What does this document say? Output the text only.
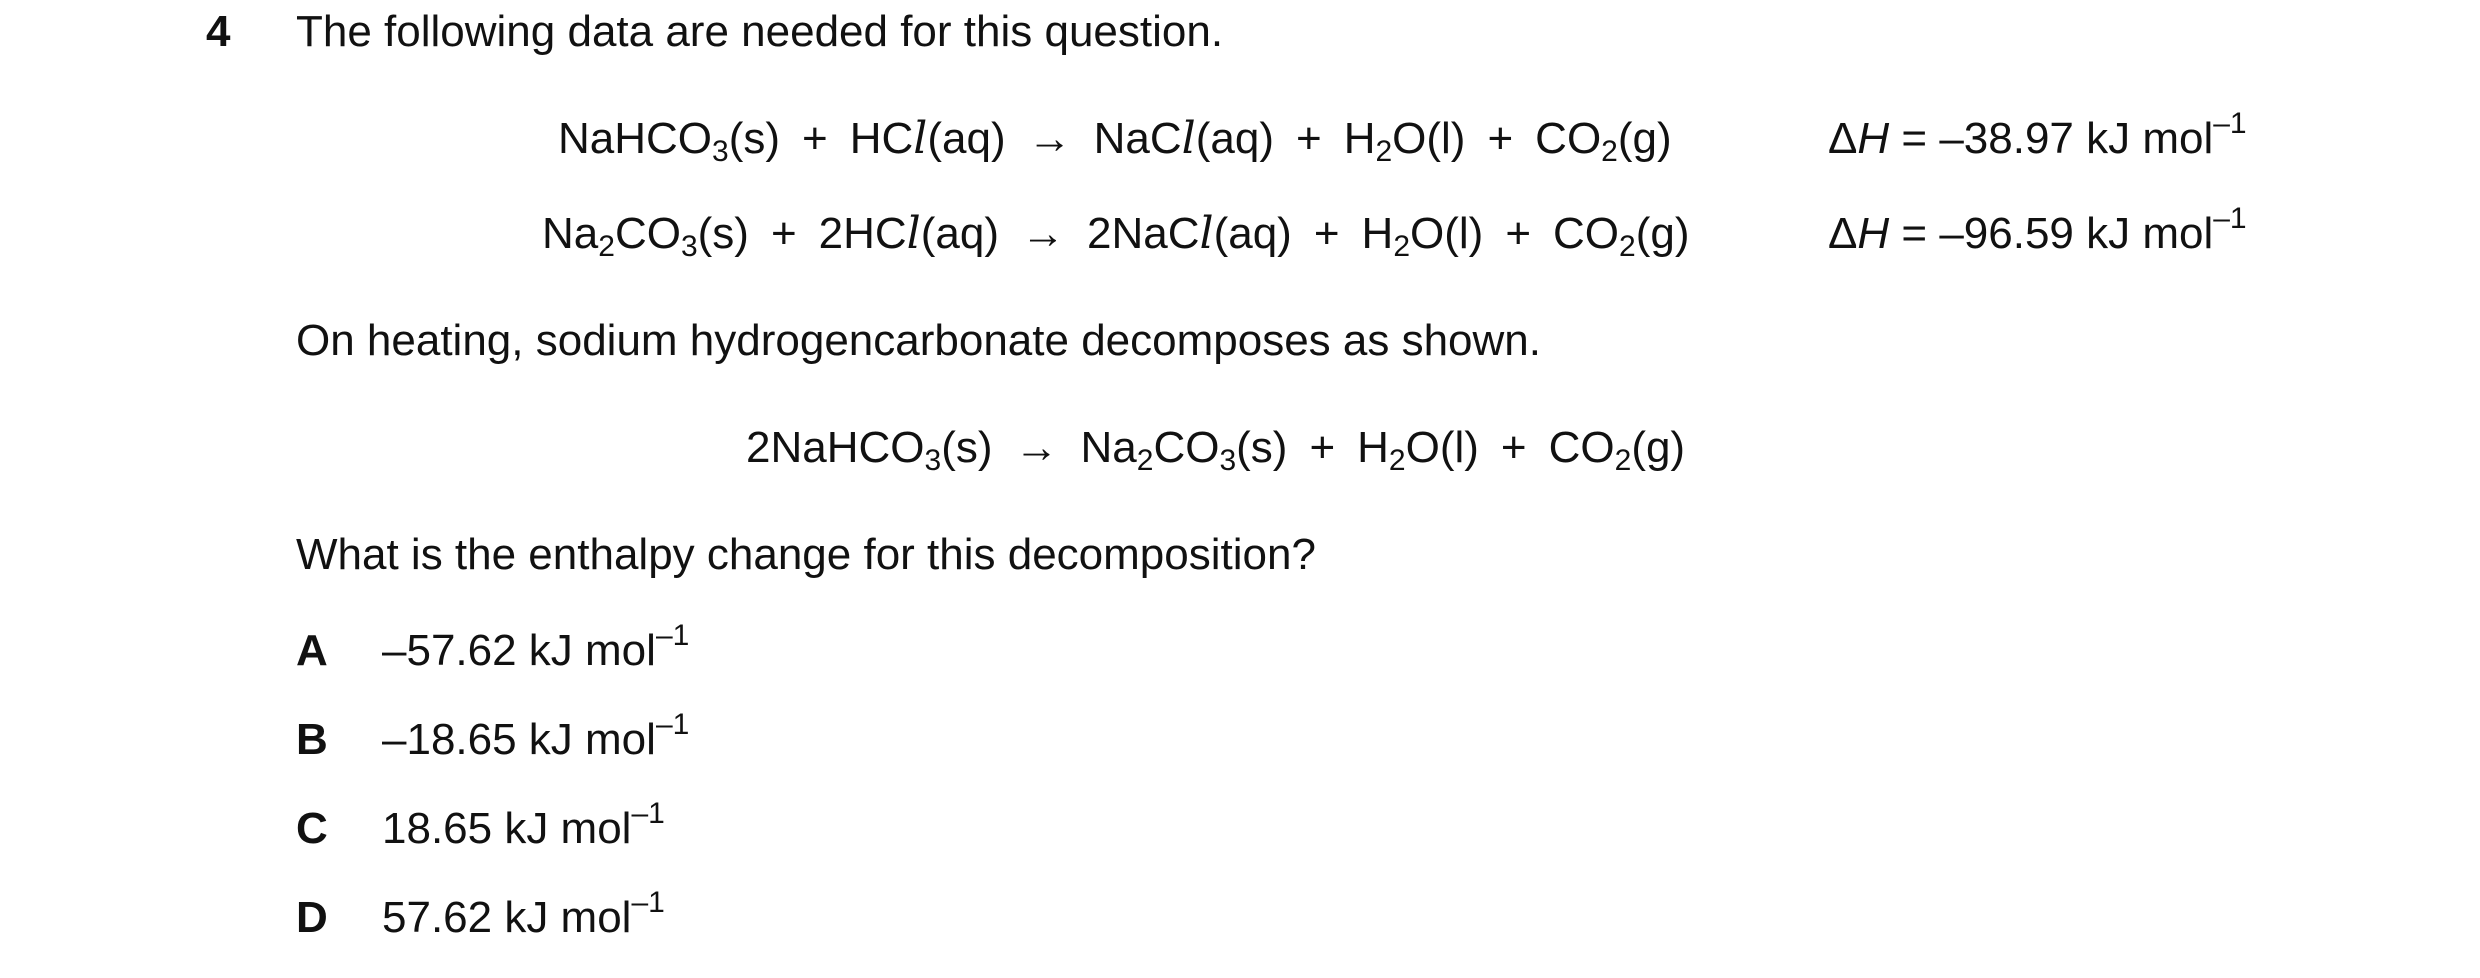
4 The following data are needed for this question.
NaHCO$_3$(s) + HCl(aq) → NaCl(aq) + $H_2O(l) + CO_2(g)$	ΔH = –38.97 kJ mol$^{-1}$
$Na_2CO_3(s) + 2HCl(aq)$ → 2NaCl(aq) + $H_2O(l) + CO_2(g)$	ΔH = –96.59 kJ mol$^{-1}$
On heating, sodium hydrogencarbonate decomposes as shown.
2NaHCO$_3$(s) → $Na_2CO_3(s) + H_2O(l) + CO_2(g)$
What is the enthalpy change for this decomposition?
A –57.62 kJ mol$^{-1}$
B –18.65 kJ mol$^{-1}$
C 18.65 kJ mol$^{-1}$
D 57.62 kJ mol$^{-1}$
